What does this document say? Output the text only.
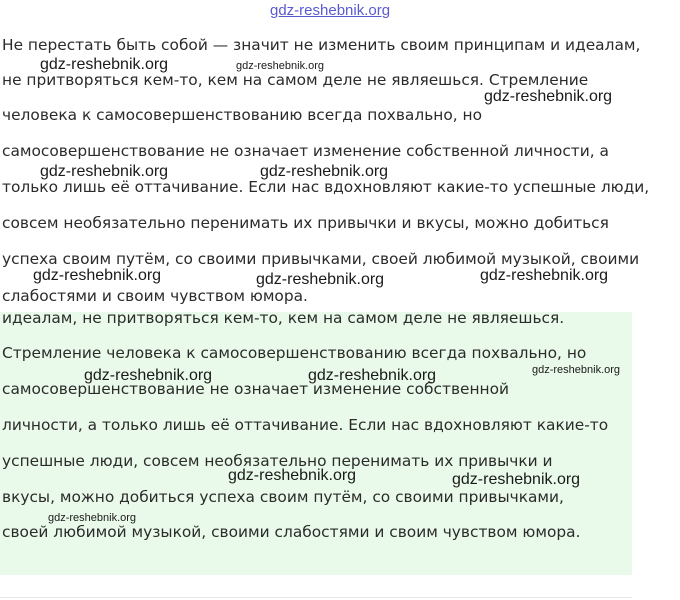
gdz-reshebnik.org
Не перестать быть собой — значит не изменить своим принципам и идеалам,
не притворяться кем-то, кем на самом деле не являешься. Стремление
человека к самосовершенствованию всегда похвально, но
самосовершенствование не означает изменение собственной личности, а
только лишь её оттачивание. Если нас вдохновляют какие-то успешные люди,
совсем необязательно перенимать их привычки и вкусы, можно добиться
успеха своим путём, со своими привычками, своей любимой музыкой, своими
слабостями и своим чувством юмора.
идеалам, не притворяться кем-то, кем на самом деле не являешься.
Стремление человека к самосовершенствованию всегда похвально, но
самосовершенствование не означает изменение собственной
личности, а только лишь её оттачивание. Если нас вдохновляют какие-то
успешные люди, совсем необязательно перенимать их привычки и
вкусы, можно добиться успеха своим путём, со своими привычками,
своей любимой музыкой, своими слабостями и своим чувством юмора.
gdz-reshebnik.org	gdz-reshebnik.org
gdz-reshebnik.org
gdz-reshebnik.org	gdz-reshebnik.org
gdz-reshebnik.org	gdz-reshebnik.org	gdz-reshebnik.org
gdz-reshebnik.org	gdz-reshebnik.org	gdz-reshebnik.org
gdz-reshebnik.org	gdz-reshebnik.org
gdz-reshebnik.org
